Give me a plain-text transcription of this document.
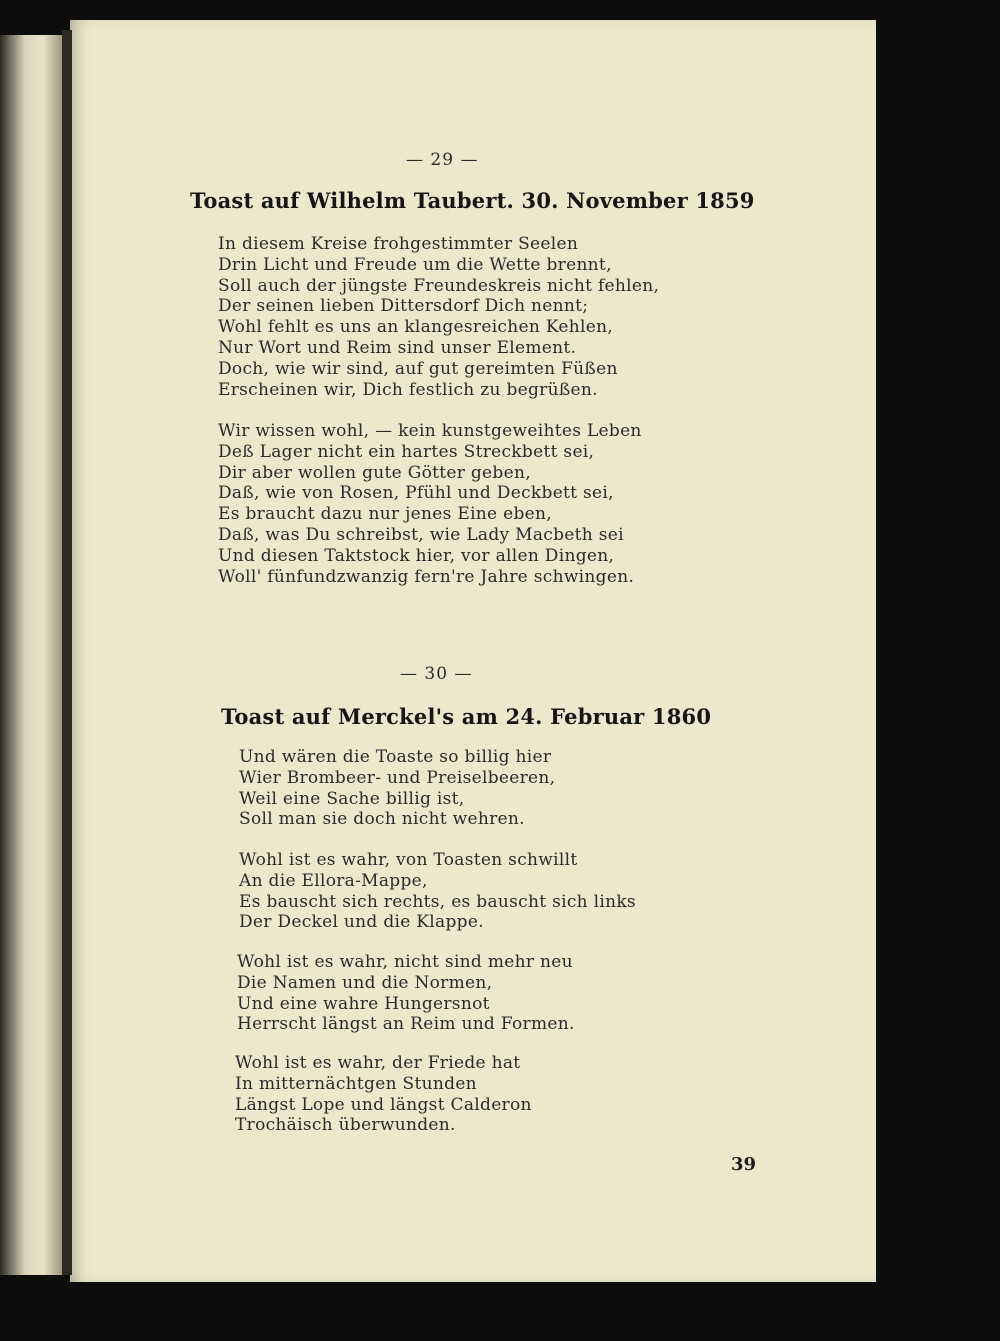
— 29 —
Toast auf Wilhelm Taubert. 30. November 1859
In diesem Kreise frohgestimmter Seelen
Drin Licht und Freude um die Wette brennt,
Soll auch der jüngste Freundeskreis nicht fehlen,
Der seinen lieben Dittersdorf Dich nennt;
Wohl fehlt es uns an klangesreichen Kehlen,
Nur Wort und Reim sind unser Element.
Doch, wie wir sind, auf gut gereimten Füßen
Erscheinen wir, Dich festlich zu begrüßen.
Wir wissen wohl, — kein kunstgeweihtes Leben
Deß Lager nicht ein hartes Streckbett sei,
Dir aber wollen gute Götter geben,
Daß, wie von Rosen, Pfühl und Deckbett sei,
Es braucht dazu nur jenes Eine eben,
Daß, was Du schreibst, wie Lady Macbeth sei
Und diesen Taktstock hier, vor allen Dingen,
Woll' fünfundzwanzig fern're Jahre schwingen.
— 30 —
Toast auf Merckel's am 24. Februar 1860
Und wären die Toaste so billig hier
Wier Brombeer- und Preiselbeeren,
Weil eine Sache billig ist,
Soll man sie doch nicht wehren.
Wohl ist es wahr, von Toasten schwillt
An die Ellora-Mappe,
Es bauscht sich rechts, es bauscht sich links
Der Deckel und die Klappe.
Wohl ist es wahr, nicht sind mehr neu
Die Namen und die Normen,
Und eine wahre Hungersnot
Herrscht längst an Reim und Formen.
Wohl ist es wahr, der Friede hat
In mitternächtgen Stunden
Längst Lope und längst Calderon
Trochäisch überwunden.
39
